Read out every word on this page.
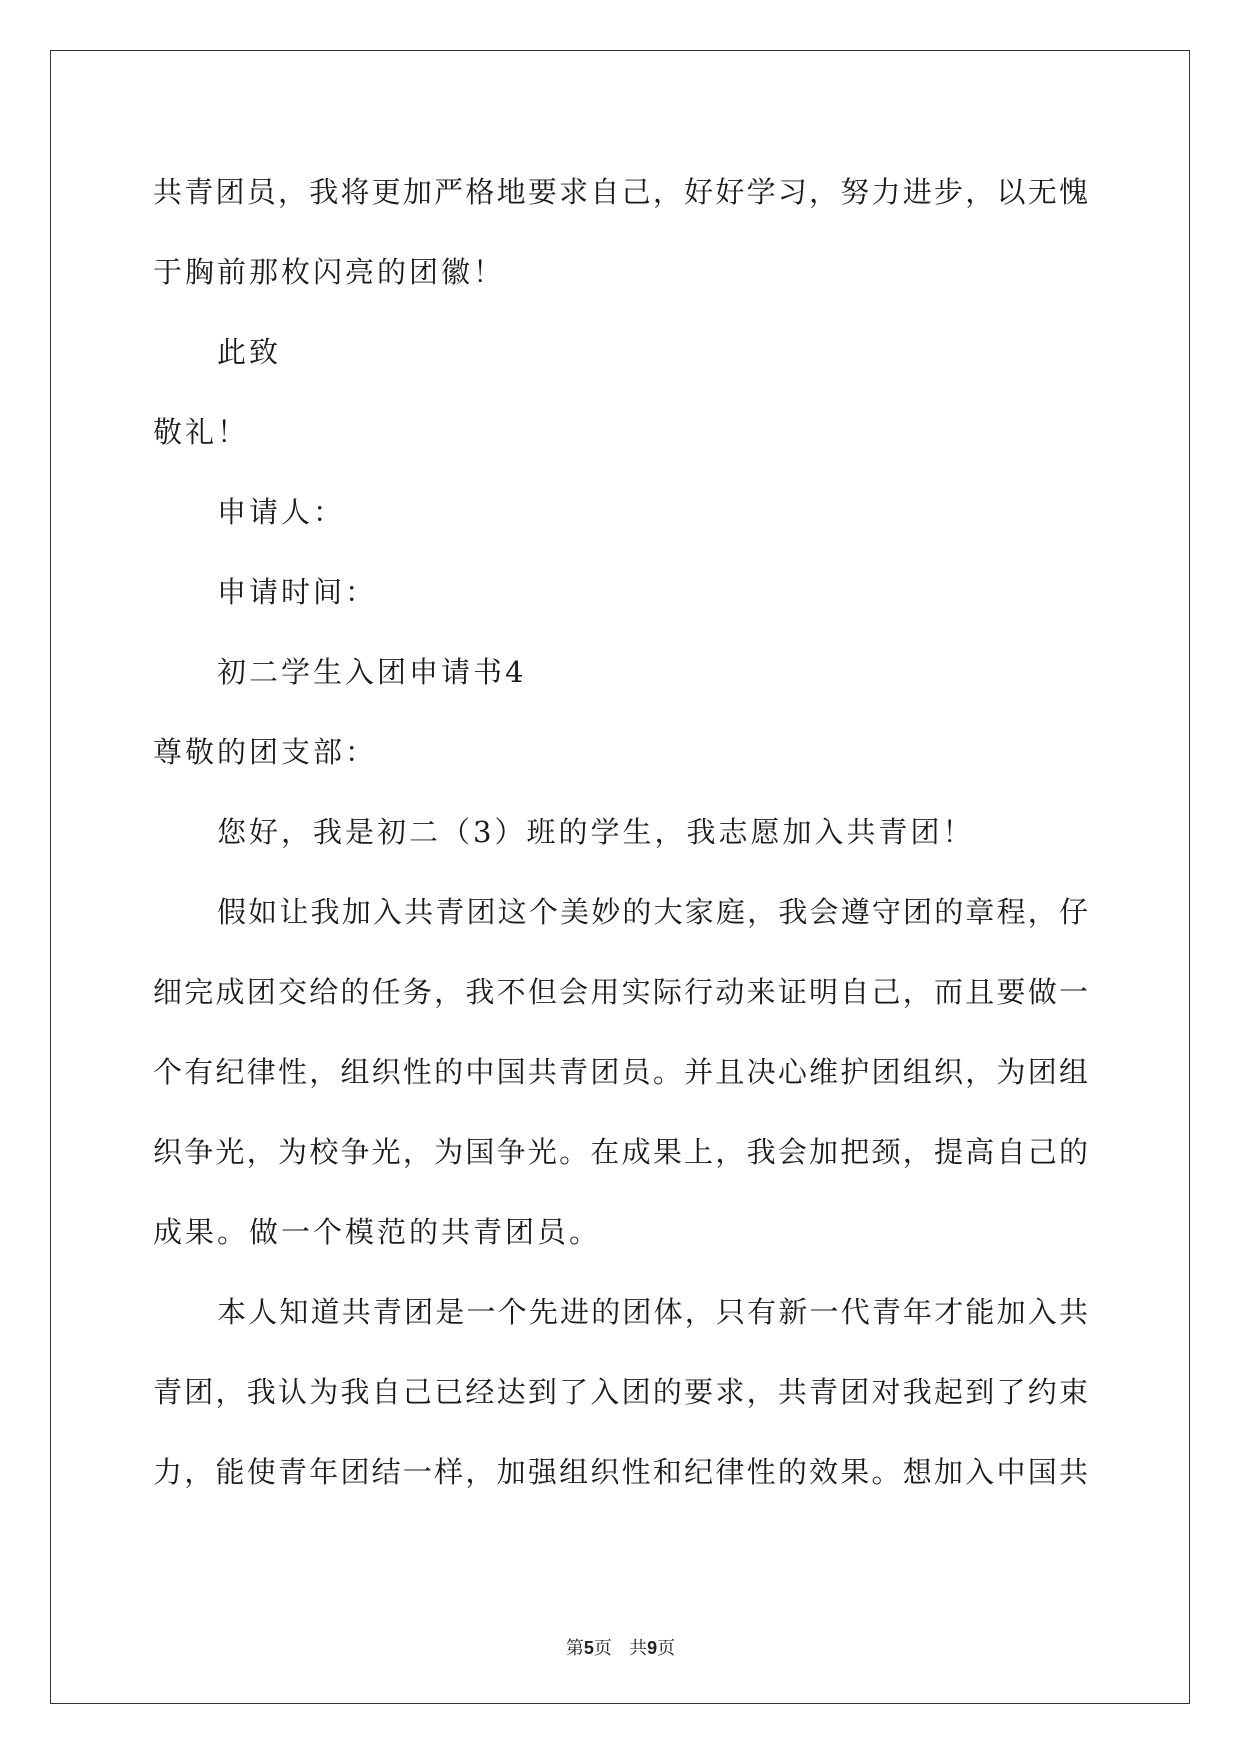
共青团员，我将更加严格地要求自己，好好学习，努力进步，以无愧
于胸前那枚闪亮的团徽！
此致
敬礼！
申请人：
申请时间：
初二学生入团申请书4
尊敬的团支部：
您好，我是初二（3）班的学生，我志愿加入共青团！
假如让我加入共青团这个美妙的大家庭，我会遵守团的章程，仔
细完成团交给的任务，我不但会用实际行动来证明自己，而且要做一
个有纪律性，组织性的中国共青团员。并且决心维护团组织，为团组
织争光，为校争光，为国争光。在成果上，我会加把颈，提高自己的
成果。做一个模范的共青团员。
本人知道共青团是一个先进的团体，只有新一代青年才能加入共
青团，我认为我自己已经达到了入团的要求，共青团对我起到了约束
力，能使青年团结一样，加强组织性和纪律性的效果。想加入中国共
第5页 共9页
